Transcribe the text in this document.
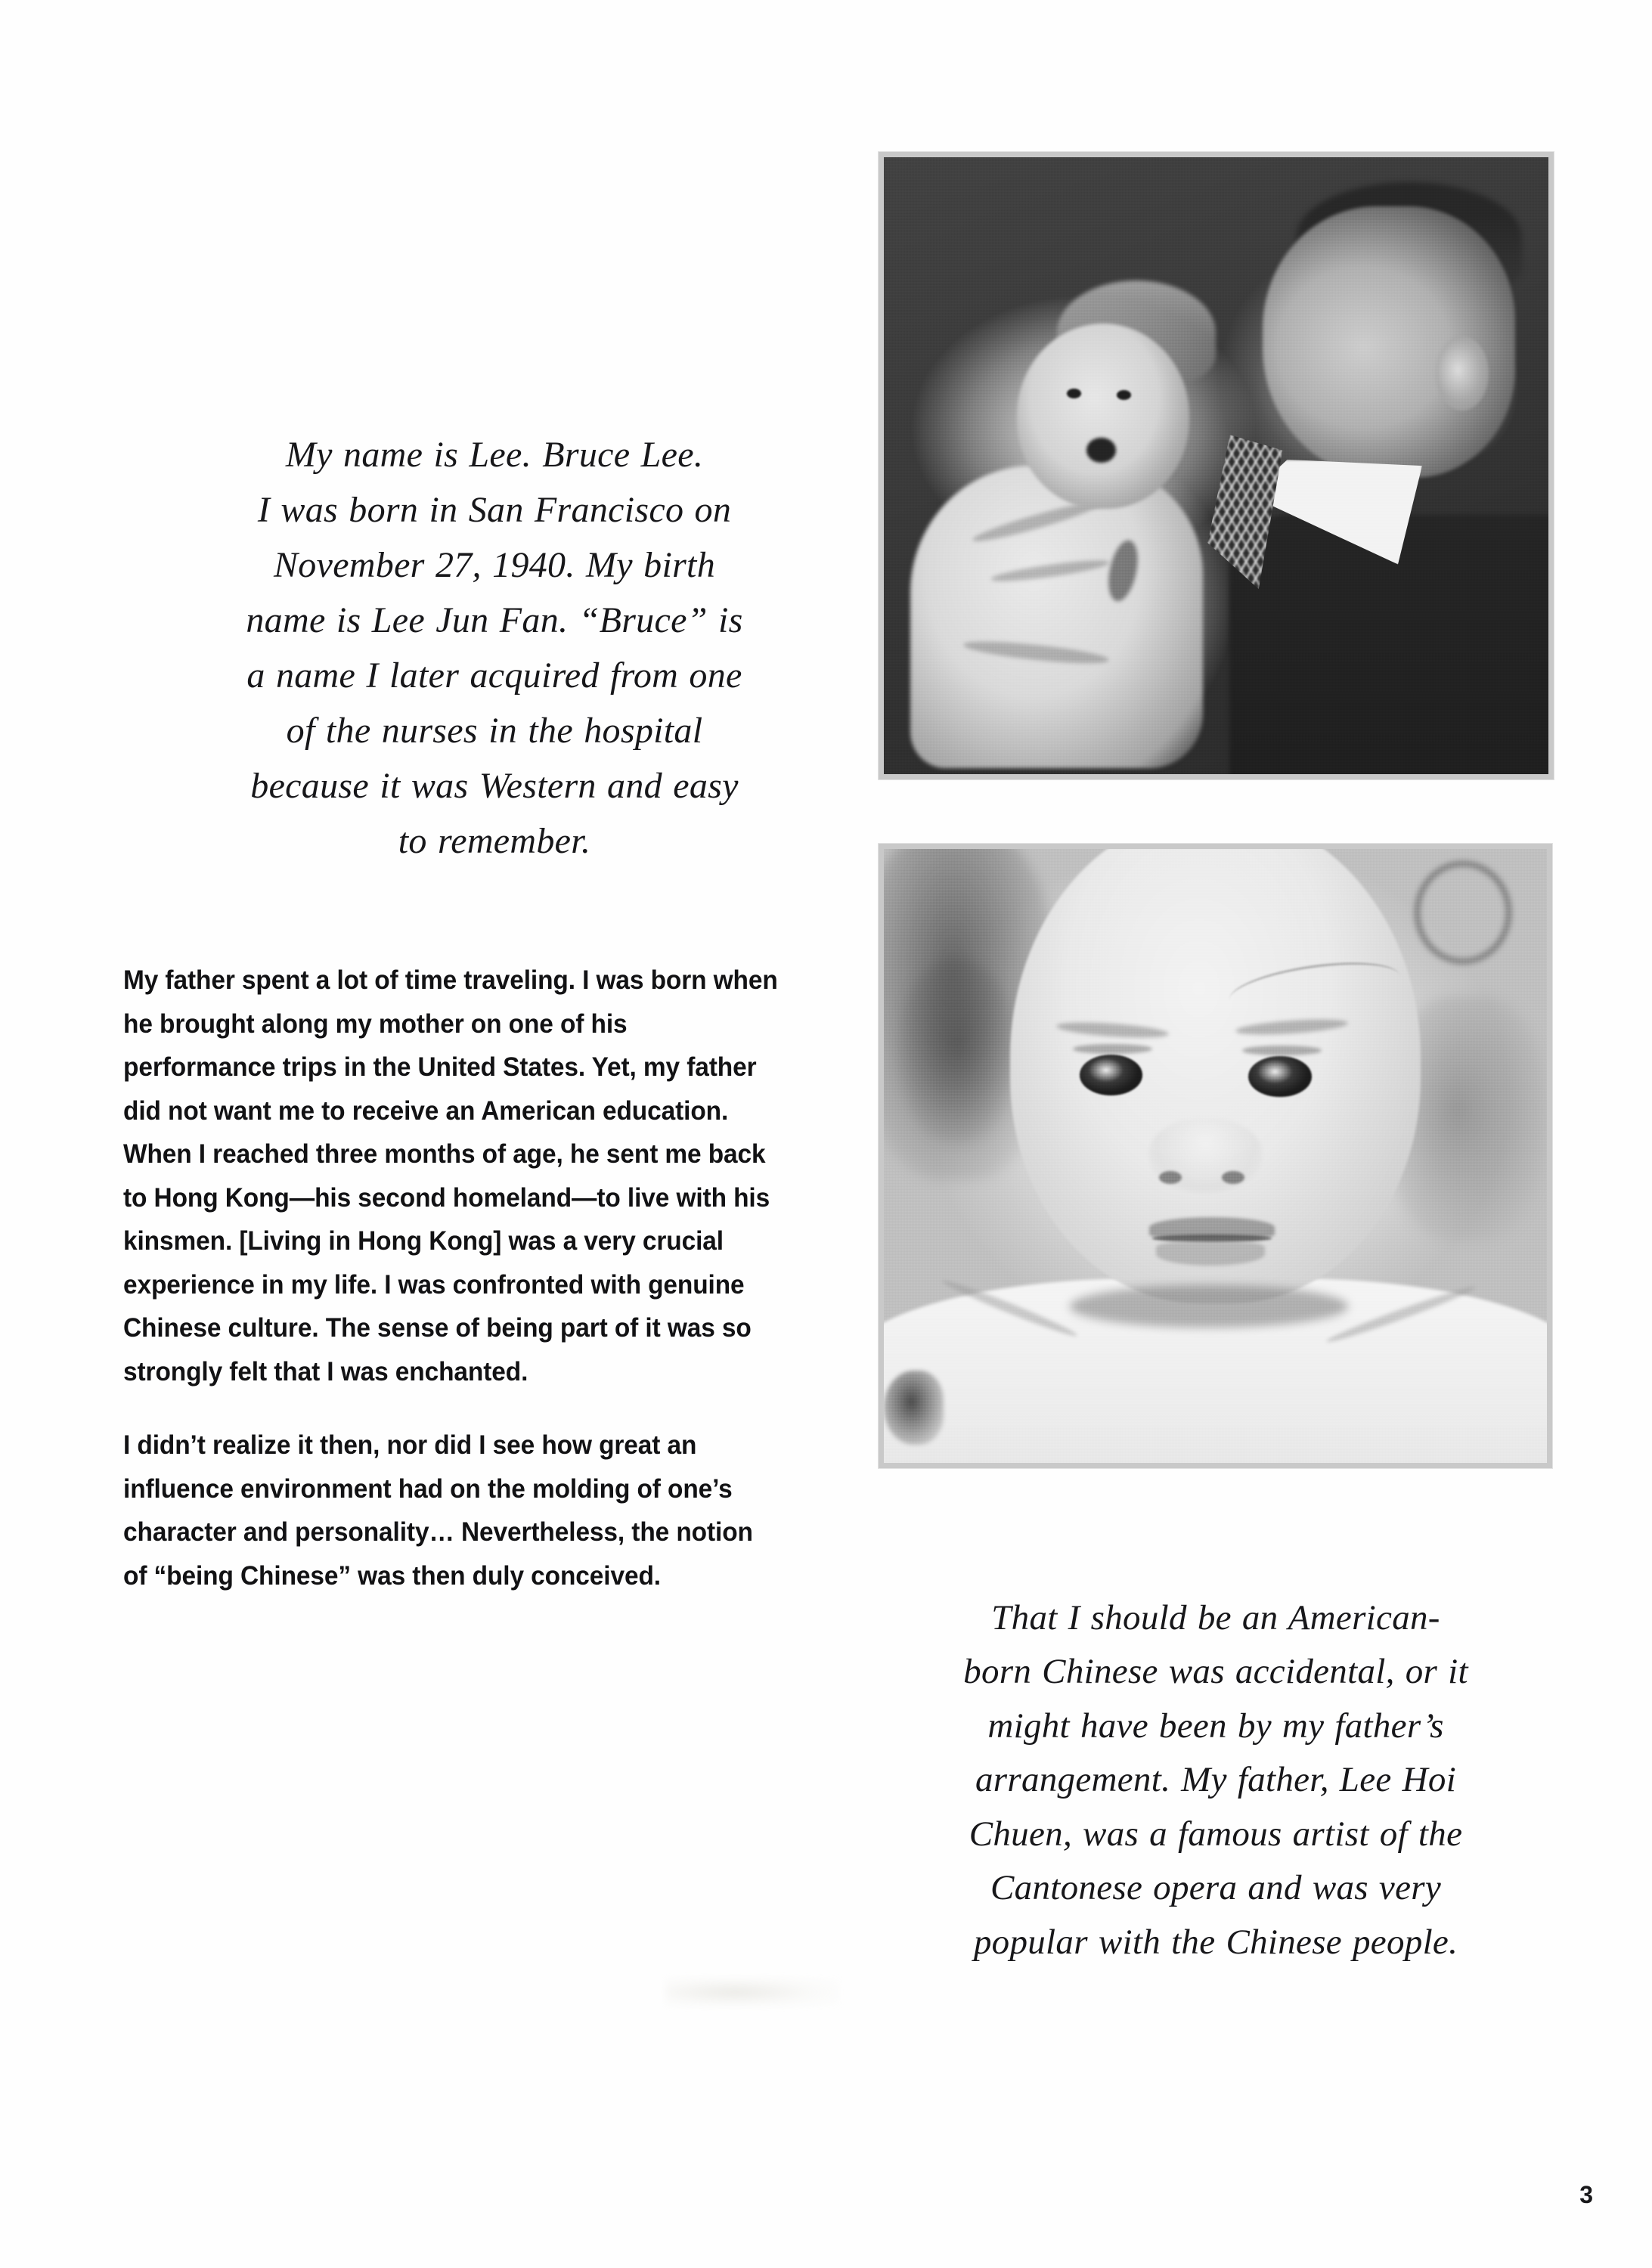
My name is Lee. Bruce Lee.
I was born in San Francisco on
November 27, 1940. My birth
name is Lee Jun Fan. “Bruce” is
a name I later acquired from one
of the nurses in the hospital
because it was Western and easy
to remember.

My father spent a lot of time traveling. I was born when he brought along my mother on one of his performance trips in the United States. Yet, my father did not want me to receive an American education. When I reached three months of age, he sent me back to Hong Kong—his second homeland—to live with his kinsmen. [Living in Hong Kong] was a very crucial experience in my life. I was confronted with genuine Chinese culture. The sense of being part of it was so strongly felt that I was enchanted.

I didn’t realize it then, nor did I see how great an influence environment had on the molding of one’s character and personality… Nevertheless, the notion of “being Chinese” was then duly conceived.

That I should be an American-
born Chinese was accidental, or it
might have been by my father’s
arrangement. My father, Lee Hoi
Chuen, was a famous artist of the
Cantonese opera and was very
popular with the Chinese people.
3
